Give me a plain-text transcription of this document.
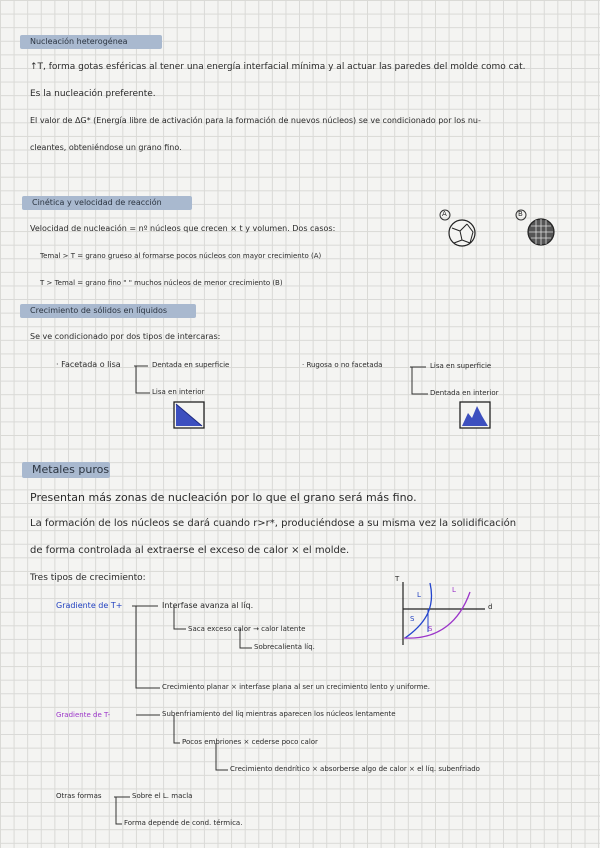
Nucleación heterogénea
↑T, forma gotas esféricas al tener una energía interfacial mínima y al actuar las paredes del molde como cat.
Es la nucleación preferente.
El valor de ΔG* (Energía libre de activación para la formación de nuevos núcleos) se ve condicionado por los nu-
cleantes, obteniéndose un grano fino.
Cinética y velocidad de reacción
Velocidad de nucleación = nº núcleos que crecen × t y volumen. Dos casos:
Temal > T = grano grueso al formarse pocos núcleos con mayor crecimiento (A)
T > Temal = grano fino " " muchos núcleos de menor crecimiento (B)
A	B
Crecimiento de sólidos en líquidos
Se ve condicionado por dos tipos de intercaras:
· Facetada o lisa	Dentada en superficie
Lisa en interior
· Rugosa o no facetada	Lisa en superficie
Dentada en interior
Metales puros
Presentan más zonas de nucleación por lo que el grano será más fino.
La formación de los núcleos se dará cuando r>r*, produciéndose a su misma vez la solidificación
de forma controlada al extraerse el exceso de calor × el molde.
Tres tipos de crecimiento:
Gradiente de T+	Interfase avanza al líq.
Saca exceso calor → calor latente
Sobrecalienta líq.
Crecimiento planar × interfase plana al ser un crecimiento lento y uniforme.
Gradiente de T-	Subenfriamiento del líq mientras aparecen los núcleos lentamente
Pocos embriones × cederse poco calor
Crecimiento dendrítico × absorberse algo de calor × el líq. subenfriado
Otras formas	Sobre el L. macla
Forma depende de cond. térmica.
T
d
L
L
S
S
